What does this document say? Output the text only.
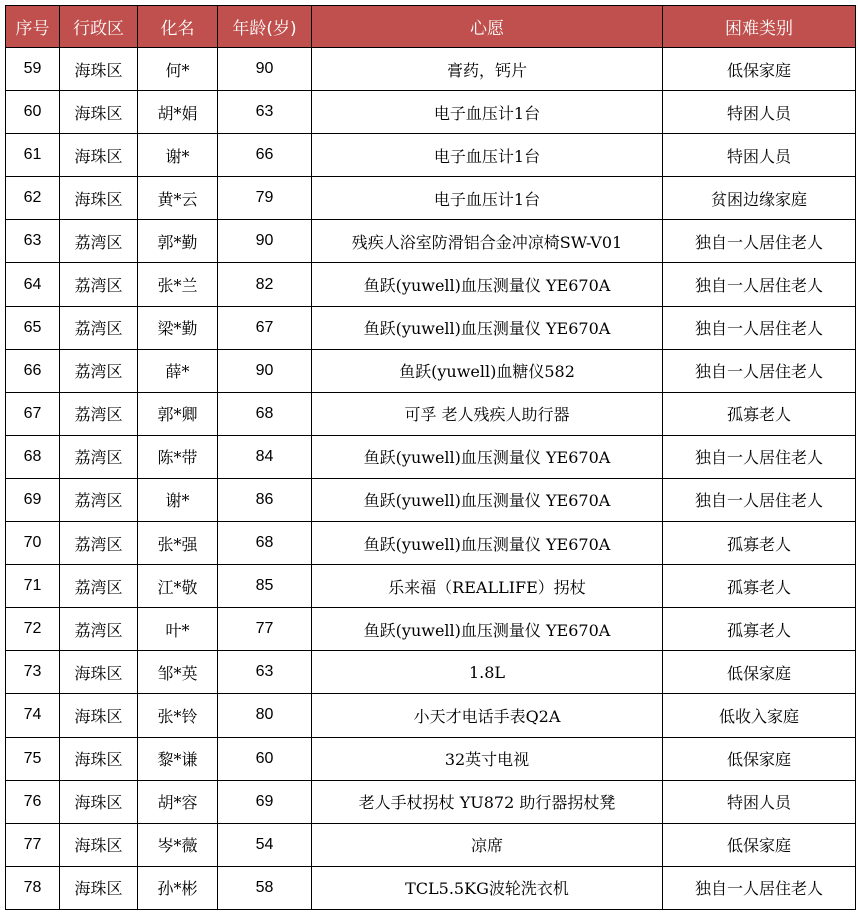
序号	行政区	化名	年龄(岁)	心愿	困难类别
59	海珠区	何*	90	膏药，钙片	低保家庭
60	海珠区	胡*娟	63	电子血压计1台	特困人员
61	海珠区	谢*	66	电子血压计1台	特困人员
62	海珠区	黄*云	79	电子血压计1台	贫困边缘家庭
63	荔湾区	郭*勤	90	残疾人浴室防滑铝合金冲凉椅SW-V01	独自一人居住老人
64	荔湾区	张*兰	82	鱼跃(yuwell)血压测量仪 YE670A	独自一人居住老人
65	荔湾区	梁*勤	67	鱼跃(yuwell)血压测量仪 YE670A	独自一人居住老人
66	荔湾区	薛*	90	鱼跃(yuwell)血糖仪582	独自一人居住老人
67	荔湾区	郭*卿	68	可孚 老人残疾人助行器	孤寡老人
68	荔湾区	陈*带	84	鱼跃(yuwell)血压测量仪 YE670A	独自一人居住老人
69	荔湾区	谢*	86	鱼跃(yuwell)血压测量仪 YE670A	独自一人居住老人
70	荔湾区	张*强	68	鱼跃(yuwell)血压测量仪 YE670A	孤寡老人
71	荔湾区	江*敬	85	乐来福（REALLIFE）拐杖	孤寡老人
72	荔湾区	叶*	77	鱼跃(yuwell)血压测量仪 YE670A	孤寡老人
73	海珠区	邹*英	63	1.8L	低保家庭
74	海珠区	张*铃	80	小天才电话手表Q2A	低收入家庭
75	海珠区	黎*谦	60	32英寸电视	低保家庭
76	海珠区	胡*容	69	老人手杖拐杖 YU872 助行器拐杖凳	特困人员
77	海珠区	岑*薇	54	凉席	低保家庭
78	海珠区	孙*彬	58	TCL5.5KG波轮洗衣机	独自一人居住老人
